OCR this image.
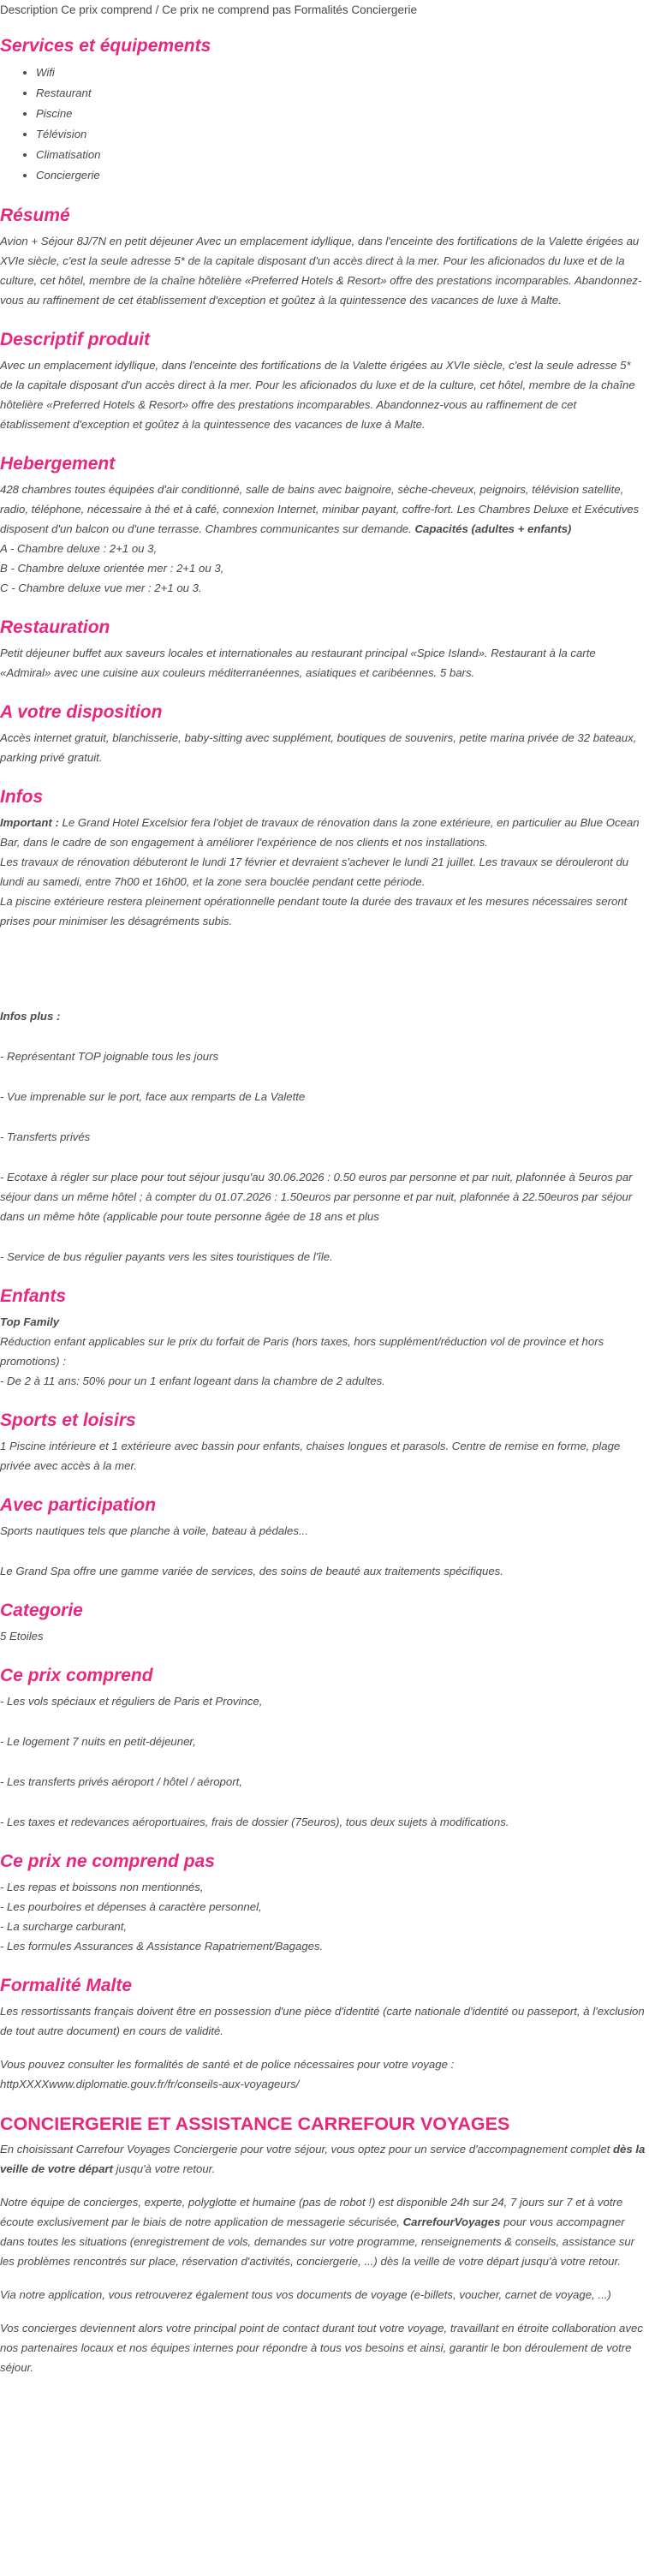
Description Ce prix comprend / Ce prix ne comprend pas Formalités Conciergerie
Services et équipements
• Wifi
• Restaurant
• Piscine
• Télévision
• Climatisation
• Conciergerie
Résumé

Avion + Séjour 8J/7N en petit déjeuner Avec un emplacement idyllique, dans l'enceinte des fortifications de la Valette érigées au XVIe siècle, c'est la seule adresse 5* de la capitale disposant d'un accès direct à la mer. Pour les aficionados du luxe et de la culture, cet hôtel, membre de la chaîne hôtelière «Preferred Hotels & Resort» offre des prestations incomparables. Abandonnez-vous au raffinement de cet établissement d'exception et goûtez à la quintessence des vacances de luxe à Malte.

Descriptif produit

Avec un emplacement idyllique, dans l'enceinte des fortifications de la Valette érigées au XVIe siècle, c'est la seule adresse 5* de la capitale disposant d'un accès direct à la mer. Pour les aficionados du luxe et de la culture, cet hôtel, membre de la chaîne hôtelière «Preferred Hotels & Resort» offre des prestations incomparables. Abandonnez-vous au raffinement de cet établissement d'exception et goûtez à la quintessence des vacances de luxe à Malte.

Hebergement

428 chambres toutes équipées d'air conditionné, salle de bains avec baignoire, sèche-cheveux, peignoirs, télévision satellite, radio, téléphone, nécessaire à thé et à café, connexion Internet, minibar payant, coffre-fort. Les Chambres Deluxe et Exécutives disposent d'un balcon ou d'une terrasse. Chambres communicantes sur demande. Capacités (adultes + enfants)

A - Chambre deluxe : 2+1 ou 3,

B - Chambre deluxe orientée mer : 2+1 ou 3,

C - Chambre deluxe vue mer : 2+1 ou 3.

Restauration

Petit déjeuner buffet aux saveurs locales et internationales au restaurant principal «Spice Island». Restaurant à la carte «Admiral» avec une cuisine aux couleurs méditerranéennes, asiatiques et caribéennes. 5 bars.

A votre disposition

Accès internet gratuit, blanchisserie, baby-sitting avec supplément, boutiques de souvenirs, petite marina privée de 32 bateaux, parking privé gratuit.

Infos

Important : Le Grand Hotel Excelsior fera l'objet de travaux de rénovation dans la zone extérieure, en particulier au Blue Ocean Bar, dans le cadre de son engagement à améliorer l'expérience de nos clients et nos installations.

Les travaux de rénovation débuteront le lundi 17 février et devraient s'achever le lundi 21 juillet. Les travaux se dérouleront du lundi au samedi, entre 7h00 et 16h00, et la zone sera bouclée pendant cette période.

La piscine extérieure restera pleinement opérationnelle pendant toute la durée des travaux et les mesures nécessaires seront prises pour minimiser les désagréments subis.

Infos plus :

- Représentant TOP joignable tous les jours

- Vue imprenable sur le port, face aux remparts de La Valette

- Transferts privés

- Ecotaxe à régler sur place pour tout séjour jusqu'au 30.06.2026 : 0.50 euros par personne et par nuit, plafonnée à 5euros par séjour dans un même hôtel ; à compter du 01.07.2026 : 1.50euros par personne et par nuit, plafonnée à 22.50euros par séjour dans un même hôte (applicable pour toute personne âgée de 18 ans et plus

- Service de bus régulier payants vers les sites touristiques de l'île.

Enfants

Top Family

Réduction enfant applicables sur le prix du forfait de Paris (hors taxes, hors supplément/réduction vol de province et hors promotions) :

- De 2 à 11 ans: 50% pour un 1 enfant logeant dans la chambre de 2 adultes.

Sports et loisirs

1 Piscine intérieure et 1 extérieure avec bassin pour enfants, chaises longues et parasols. Centre de remise en forme, plage privée avec accès à la mer.

Avec participation

Sports nautiques tels que planche à voile, bateau à pédales...

Le Grand Spa offre une gamme variée de services, des soins de beauté aux traitements spécifiques.

Categorie

5 Etoiles

Ce prix comprend

- Les vols spéciaux et réguliers de Paris et Province,

- Le logement 7 nuits en petit-déjeuner,

- Les transferts privés aéroport / hôtel / aéroport,

- Les taxes et redevances aéroportuaires, frais de dossier (75euros), tous deux sujets à modifications.

Ce prix ne comprend pas

- Les repas et boissons non mentionnés,

- Les pourboires et dépenses à caractère personnel,

- La surcharge carburant,

- Les formules Assurances & Assistance Rapatriement/Bagages.

Formalité Malte

Les ressortissants français doivent être en possession d'une pièce d'identité (carte nationale d'identité ou passeport, à l'exclusion de tout autre document) en cours de validité.

Vous pouvez consulter les formalités de santé et de police nécessaires pour votre voyage :

httpXXXXwww.diplomatie.gouv.fr/fr/conseils-aux-voyageurs/

CONCIERGERIE ET ASSISTANCE CARREFOUR VOYAGES

En choisissant Carrefour Voyages Conciergerie pour votre séjour, vous optez pour un service d'accompagnement complet dès la veille de votre départ jusqu'à votre retour.

Notre équipe de concierges, experte, polyglotte et humaine (pas de robot !) est disponible 24h sur 24, 7 jours sur 7 et à votre écoute exclusivement par le biais de notre application de messagerie sécurisée, CarrefourVoyages pour vous accompagner dans toutes les situations (enregistrement de vols, demandes sur votre programme, renseignements & conseils, assistance sur les problèmes rencontrés sur place, réservation d'activités, conciergerie, ...) dès la veille de votre départ jusqu'à votre retour.

Via notre application, vous retrouverez également tous vos documents de voyage (e-billets, voucher, carnet de voyage, ...)

Vos concierges deviennent alors votre principal point de contact durant tout votre voyage, travaillant en étroite collaboration avec nos partenaires locaux et nos équipes internes pour répondre à tous vos besoins et ainsi, garantir le bon déroulement de votre séjour.
